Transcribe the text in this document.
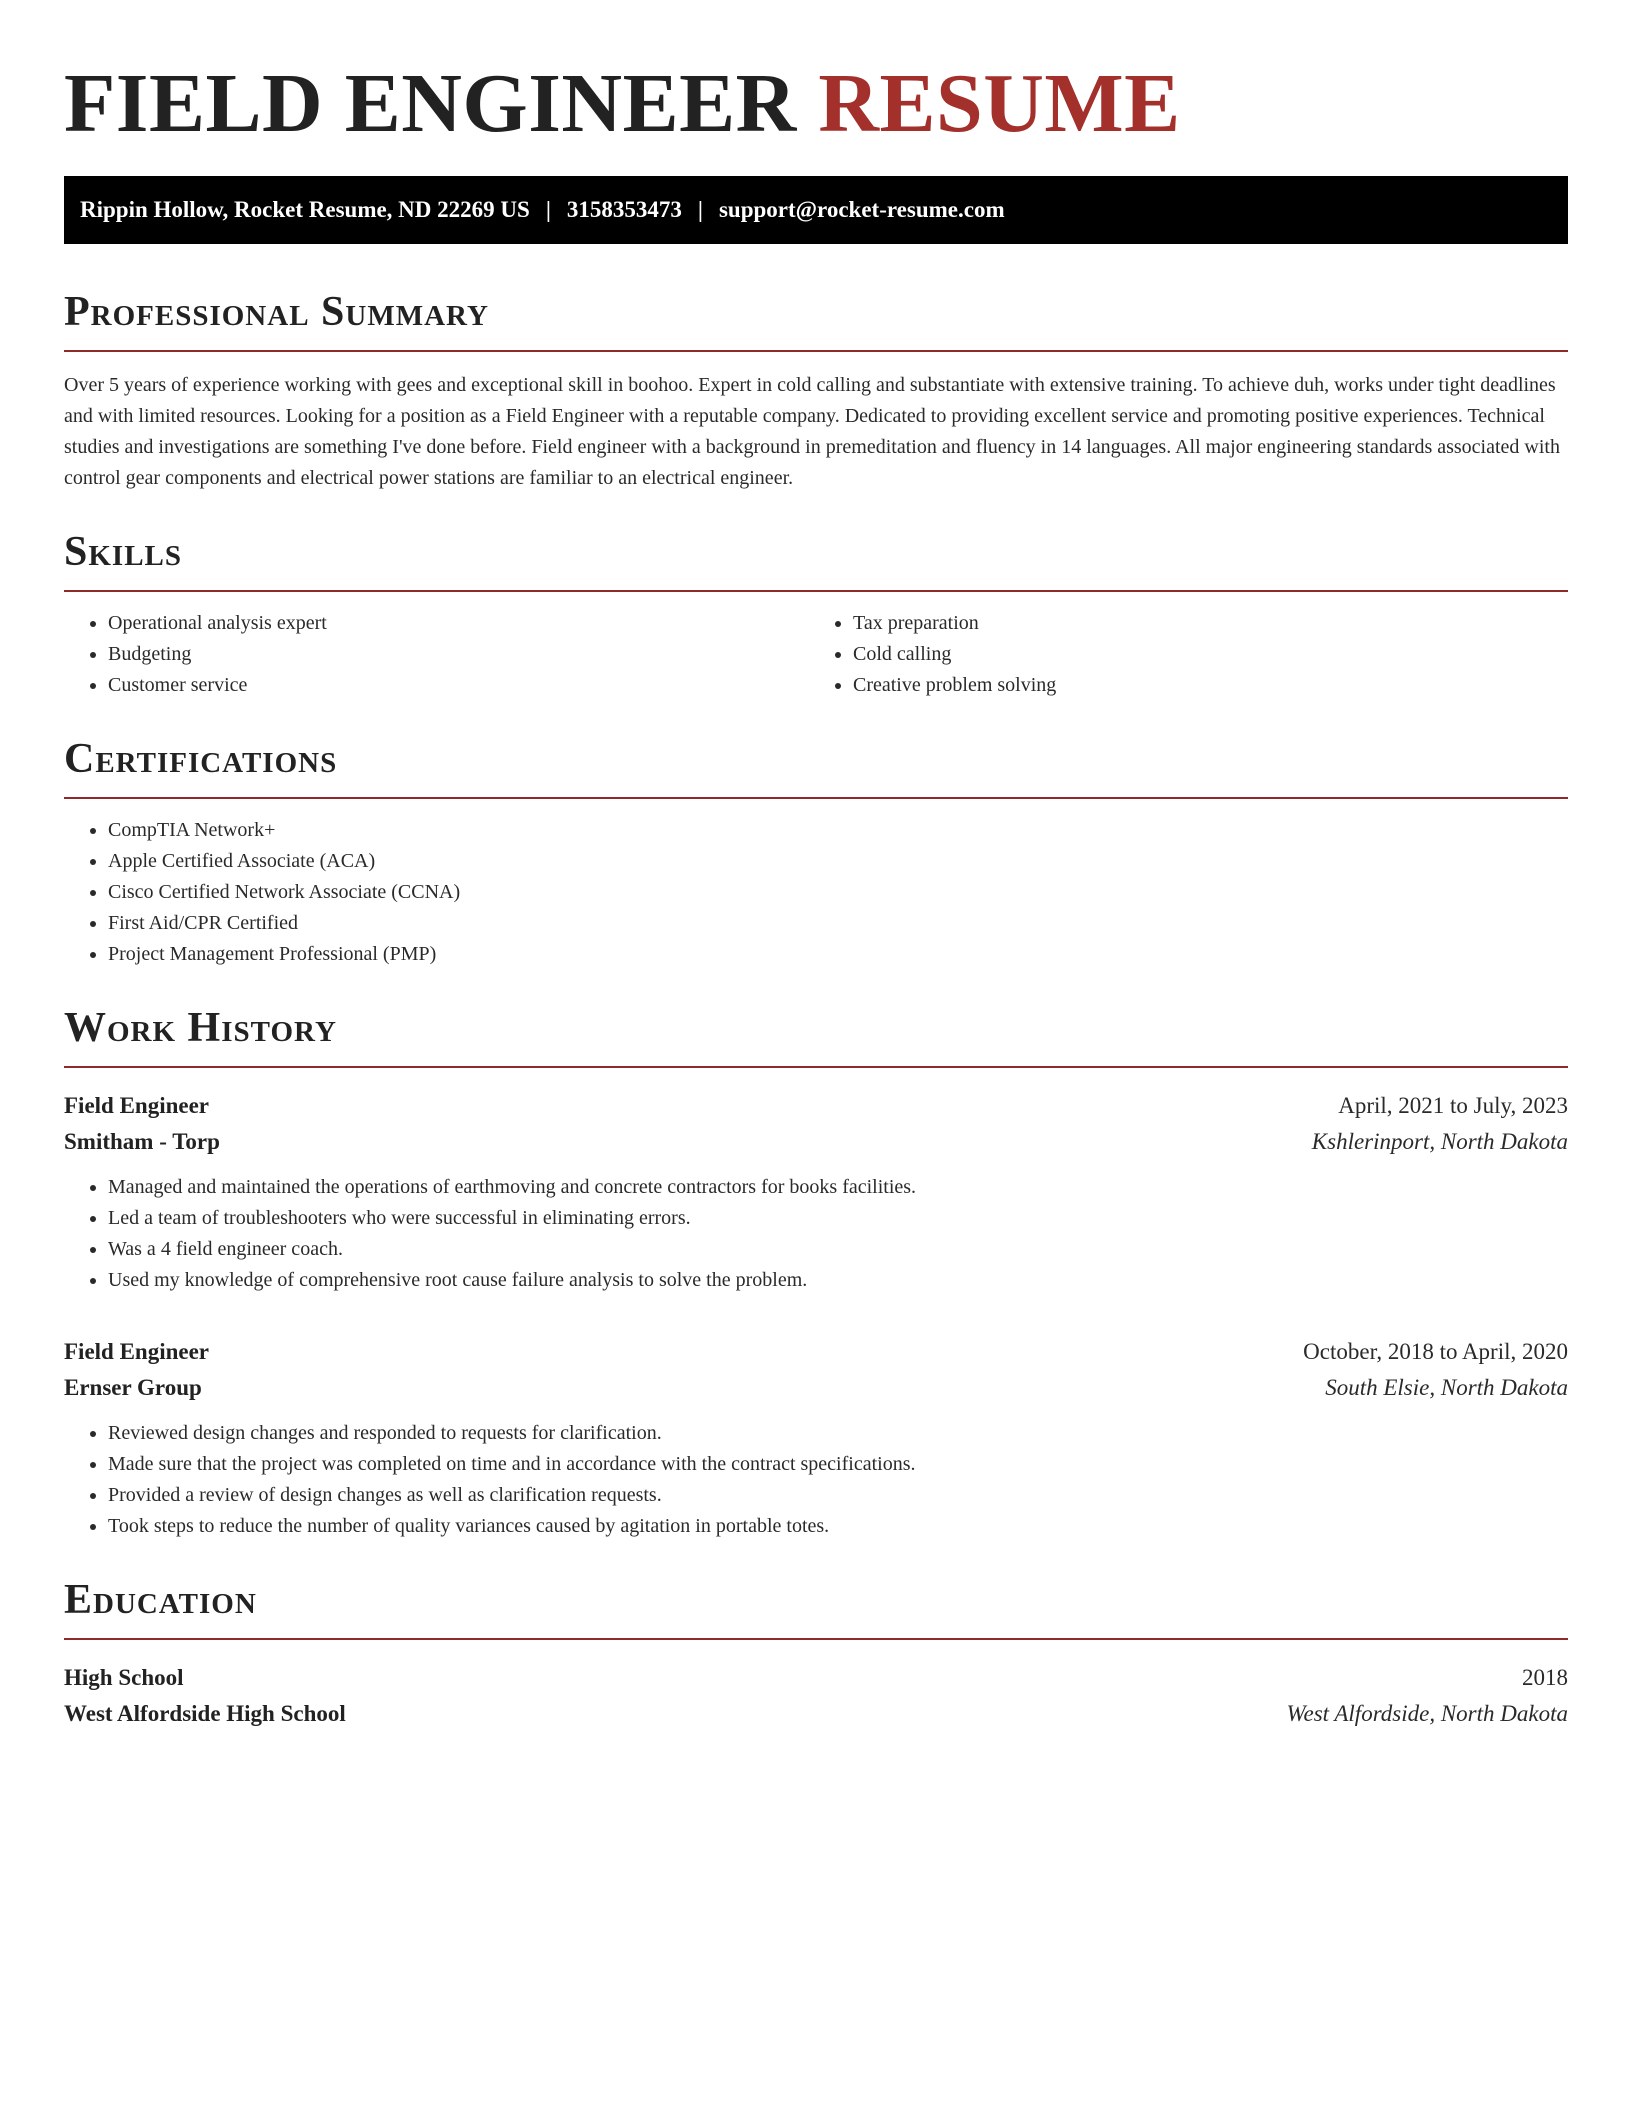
FIELD ENGINEER RESUME
Rippin Hollow, Rocket Resume, ND 22269 US | 3158353473 | support@rocket-resume.com
Professional Summary

Over 5 years of experience working with gees and exceptional skill in boohoo. Expert in cold calling and substantiate with extensive training. To achieve duh, works under tight deadlines and with limited resources. Looking for a position as a Field Engineer with a reputable company. Dedicated to providing excellent service and promoting positive experiences. Technical studies and investigations are something I've done before. Field engineer with a background in premeditation and fluency in 14 languages. All major engineering standards associated with control gear components and electrical power stations are familiar to an electrical engineer.

Skills
• Operational analysis expert
• Budgeting
• Customer service
• Tax preparation
• Cold calling
• Creative problem solving
Certifications
• CompTIA Network+
• Apple Certified Associate (ACA)
• Cisco Certified Network Associate (CCNA)
• First Aid/CPR Certified
• Project Management Professional (PMP)
Work History
Field Engineer	April, 2021 to July, 2023
Smitham - Torp	Kshlerinport, North Dakota
• Managed and maintained the operations of earthmoving and concrete contractors for books facilities.
• Led a team of troubleshooters who were successful in eliminating errors.
• Was a 4 field engineer coach.
• Used my knowledge of comprehensive root cause failure analysis to solve the problem.
Field Engineer	October, 2018 to April, 2020
Ernser Group	South Elsie, North Dakota
• Reviewed design changes and responded to requests for clarification.
• Made sure that the project was completed on time and in accordance with the contract specifications.
• Provided a review of design changes as well as clarification requests.
• Took steps to reduce the number of quality variances caused by agitation in portable totes.
Education
High School	2018
West Alfordside High School	West Alfordside, North Dakota
